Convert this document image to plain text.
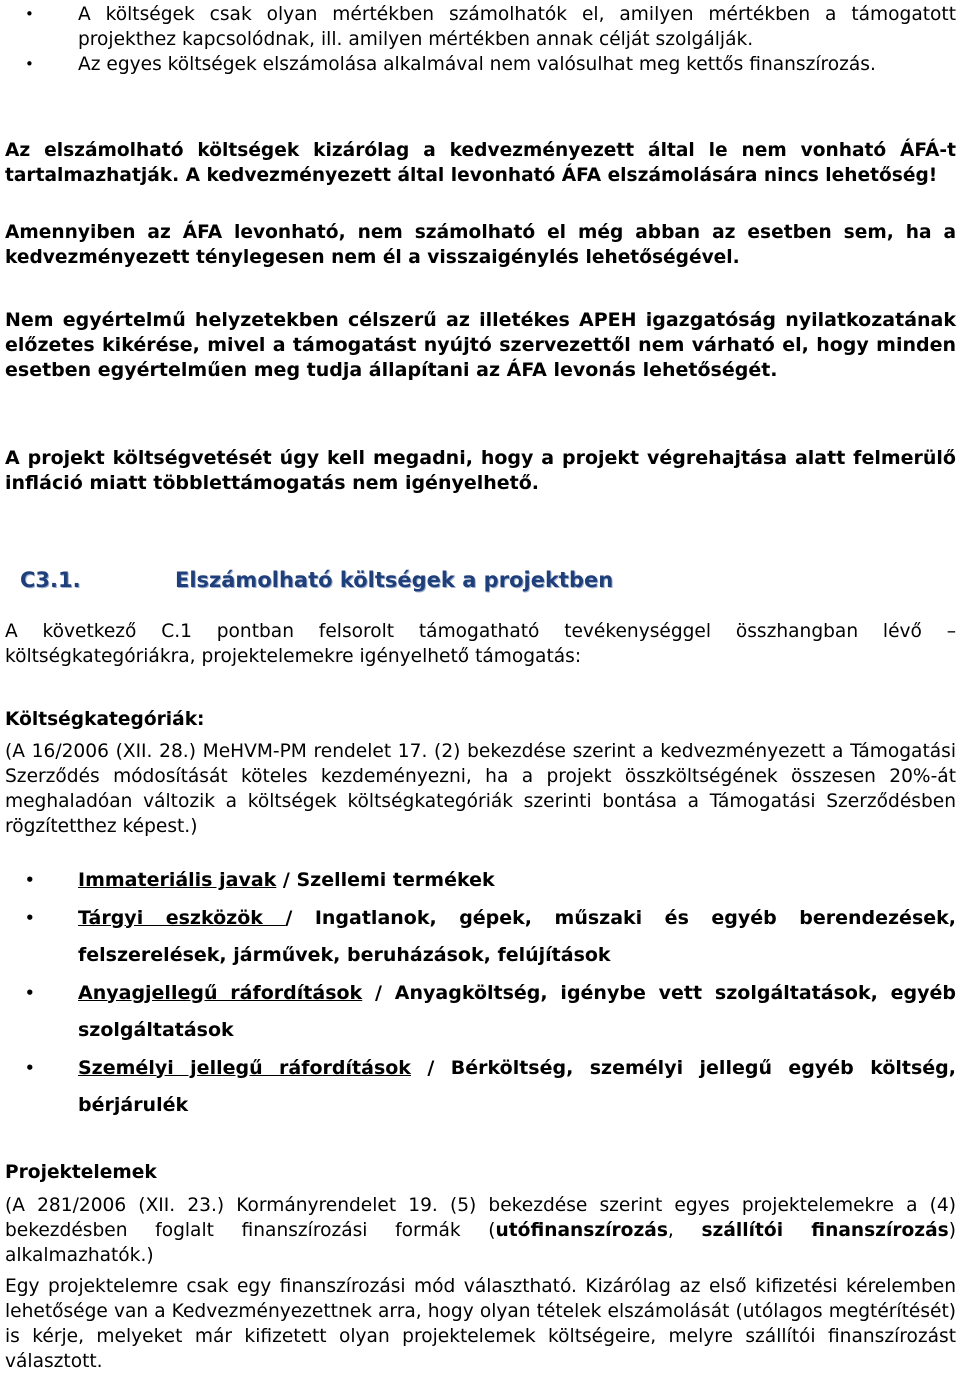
• A költségek csak olyan mértékben számolhatók el, amilyen mértékben a támogatott projekthez kapcsolódnak, ill. amilyen mértékben annak célját szolgálják.
• Az egyes költségek elszámolása alkalmával nem valósulhat meg kettős finanszírozás.

Az elszámolható költségek kizárólag a kedvezményezett által le nem vonható ÁFÁ-t tartalmazhatják. A kedvezményezett által levonható ÁFA elszámolására nincs lehetőség!

Amennyiben az ÁFA levonható, nem számolható el még abban az esetben sem, ha a kedvezményezett ténylegesen nem él a visszaigénylés lehetőségével.

Nem egyértelmű helyzetekben célszerű az illetékes APEH igazgatóság nyilatkozatának előzetes kikérése, mivel a támogatást nyújtó szervezettől nem várható el, hogy minden esetben egyértelműen meg tudja állapítani az ÁFA levonás lehetőségét.

A projekt költségvetését úgy kell megadni, hogy a projekt végrehajtása alatt felmerülő infláció miatt többlettámogatás nem igényelhető.

C3.1.	Elszámolható költségek a projektben

A következő C.1 pontban felsorolt támogatható tevékenységgel összhangban lévő – költségkategóriákra, projektelemekre igényelhető támogatás:

Költségkategóriák:

(A 16/2006 (XII. 28.) MeHVM-PM rendelet 17. (2) bekezdése szerint a kedvezményezett a Támogatási Szerződés módosítását köteles kezdeményezni, ha a projekt összköltségének összesen 20%-át meghaladóan változik a költségek költségkategóriák szerinti bontása a Támogatási Szerződésben rögzítetthez képest.)

• Immateriális javak / Szellemi termékek
• Tárgyi eszközök / Ingatlanok, gépek, műszaki és egyéb berendezések, felszerelések, járművek, beruházások, felújítások
• Anyagjellegű ráfordítások / Anyagköltség, igénybe vett szolgáltatások, egyéb szolgáltatások
• Személyi jellegű ráfordítások / Bérköltség, személyi jellegű egyéb költség, bérjárulék

Projektelemek

(A 281/2006 (XII. 23.) Kormányrendelet 19. (5) bekezdése szerint egyes projektelemekre a (4) bekezdésben foglalt finanszírozási formák (utófinanszírozás, szállítói finanszírozás) alkalmazhatók.)

Egy projektelemre csak egy finanszírozási mód választható. Kizárólag az első kifizetési kérelemben lehetősége van a Kedvezményezettnek arra, hogy olyan tételek elszámolását (utólagos megtérítését) is kérje, melyeket már kifizetett olyan projektelemek költségeire, melyre szállítói finanszírozást választott.
